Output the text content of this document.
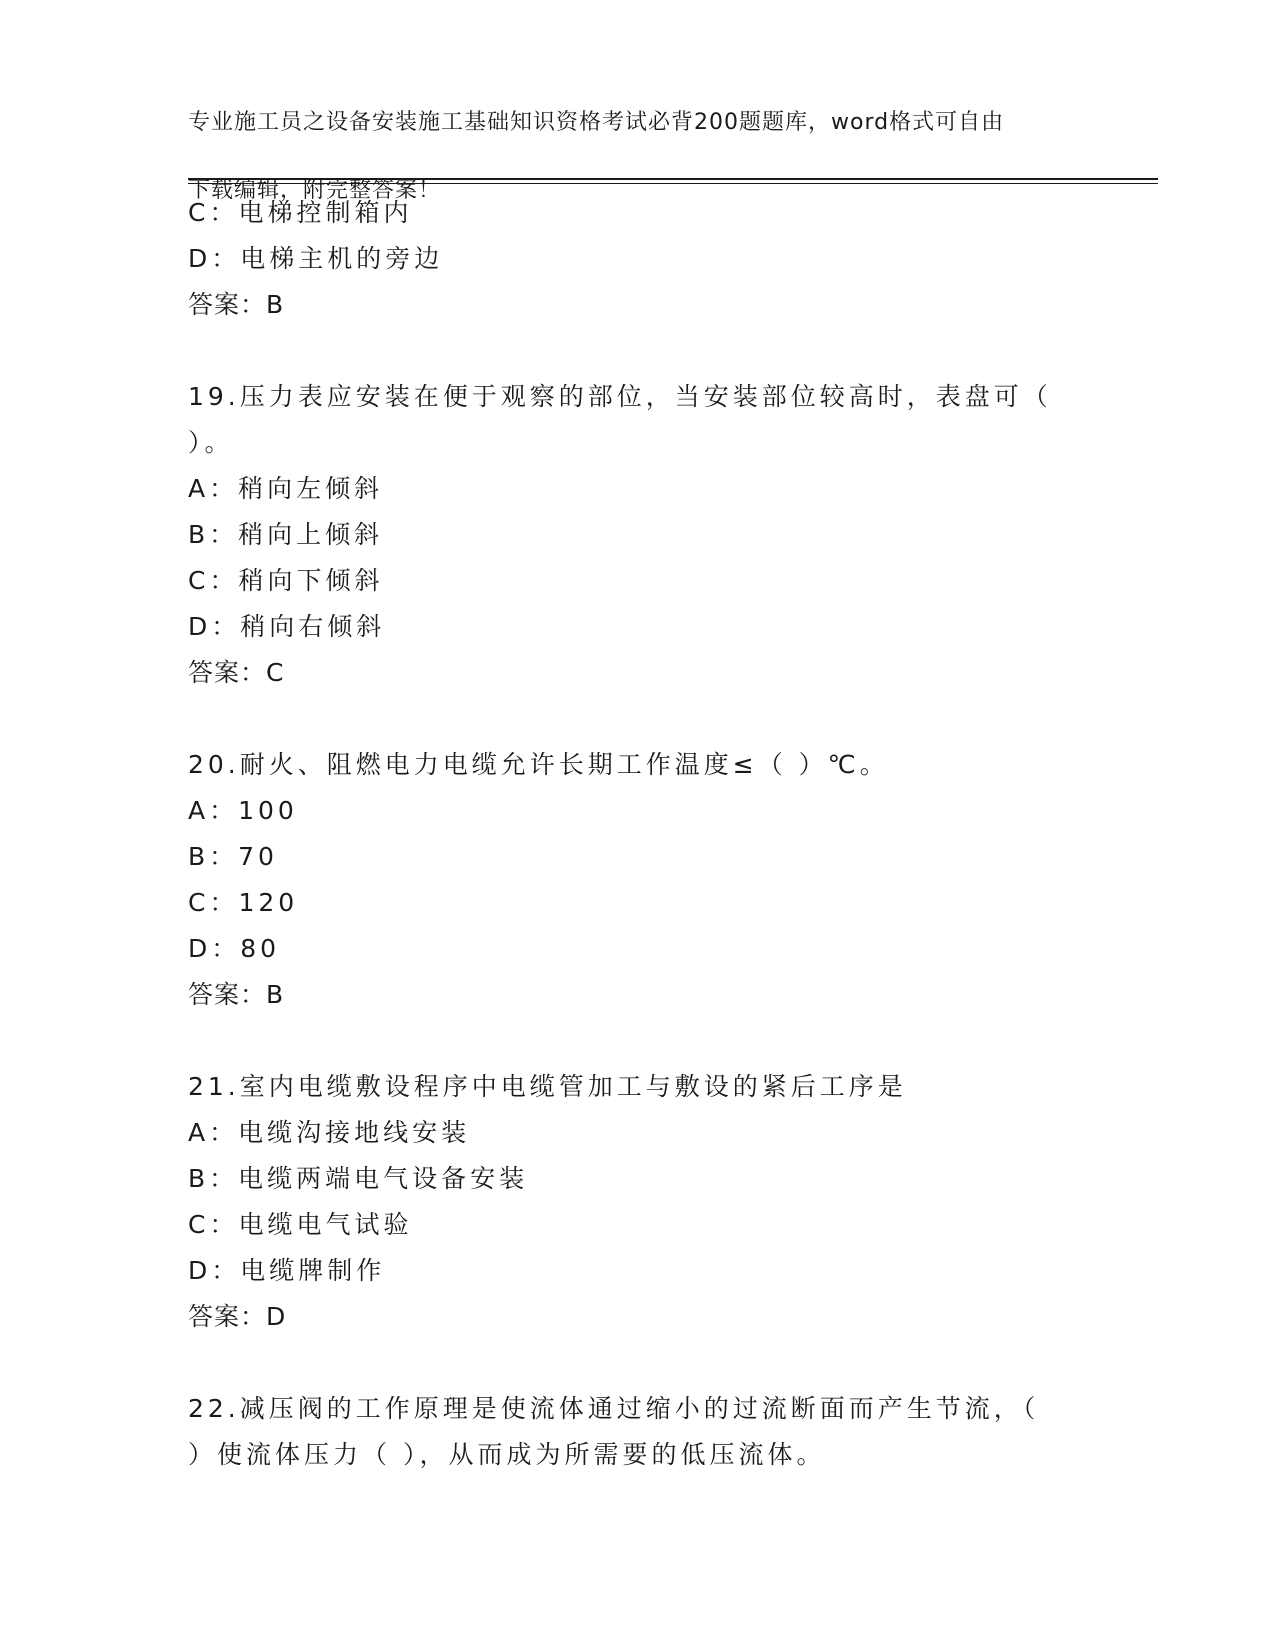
专业施工员之设备安装施工基础知识资格考试必背200题题库，word格式可自由

下载编辑，附完整答案！

C：电梯控制箱内
D：电梯主机的旁边
答案：B
19.压力表应安装在便于观察的部位，当安装部位较高时，表盘可（
）。
A：稍向左倾斜
B：稍向上倾斜
C：稍向下倾斜
D：稍向右倾斜
答案：C
20.耐火、阻燃电力电缆允许长期工作温度≤（ ）℃。
A：100
B：70
C：120
D：80
答案：B
21.室内电缆敷设程序中电缆管加工与敷设的紧后工序是
A：电缆沟接地线安装
B：电缆两端电气设备安装
C：电缆电气试验
D：电缆牌制作
答案：D
22.减压阀的工作原理是使流体通过缩小的过流断面而产生节流，（
）使流体压力（ ），从而成为所需要的低压流体。
